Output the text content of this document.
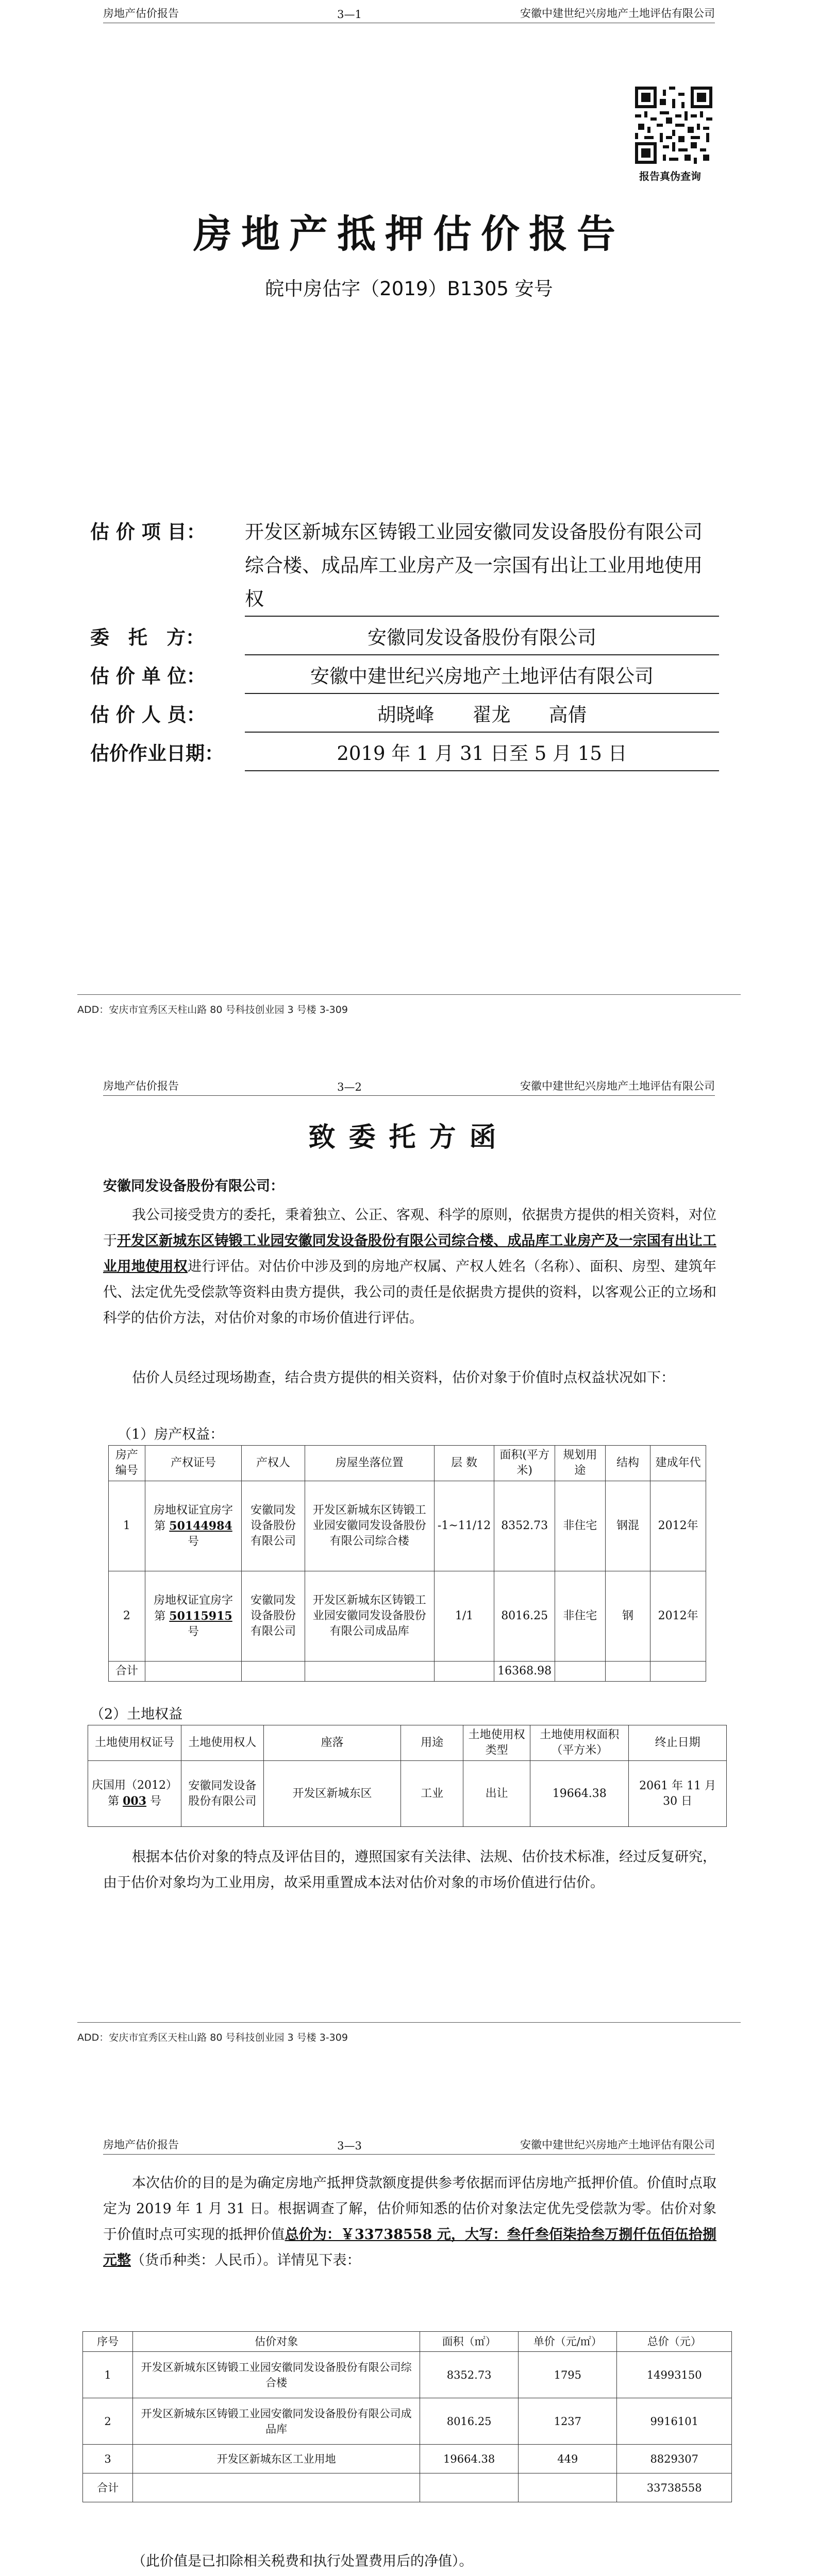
房地产估价报告	3—1	安徽中建世纪兴房地产土地评估有限公司
报告真伪查询
房地产抵押估价报告
皖中房估字（2019）B1305 安号
估 价 项 目：	开发区新城东区铸锻工业园安徽同发设备股份有限公司综合楼、成品库工业房产及一宗国有出让工业用地使用权
委　托　方：	安徽同发设备股份有限公司
估 价 单 位：	安徽中建世纪兴房地产土地评估有限公司
估 价 人 员：	胡晓峰　　翟龙　　高倩
估价作业日期：	2019 年 1 月 31 日至 5 月 15 日
ADD：安庆市宜秀区天柱山路 80 号科技创业园 3 号楼 3-309
房地产估价报告	3—2	安徽中建世纪兴房地产土地评估有限公司
致委托方函

安徽同发设备股份有限公司：

我公司接受贵方的委托，秉着独立、公正、客观、科学的原则，依据贵方提供的相关资料，对位于开发区新城东区铸锻工业园安徽同发设备股份有限公司综合楼、成品库工业房产及一宗国有出让工业用地使用权进行评估。对估价中涉及到的房地产权属、产权人姓名（名称）、面积、房型、建筑年代、法定优先受偿款等资料由贵方提供，我公司的责任是依据贵方提供的资料，以客观公正的立场和科学的估价方法，对估价对象的市场价值进行评估。

估价人员经过现场勘查，结合贵方提供的相关资料，估价对象于价值时点权益状况如下：

（1）房产权益：
房产编号	产权证号	产权人	房屋坐落位置	层 数	面积(平方米)	规划用途	结构	建成年代
1	房地权证宜房字第 50144984 号	安徽同发设备股份有限公司	开发区新城东区铸锻工业园安徽同发设备股份有限公司综合楼	-1~11/12	8352.73	非住宅	钢混	2012年
2	房地权证宜房字第 50115915 号	安徽同发设备股份有限公司	开发区新城东区铸锻工业园安徽同发设备股份有限公司成品库	1/1	8016.25	非住宅	钢	2012年
合计					16368.98			
（2）土地权益
土地使用权证号	土地使用权人	座落	用途	土地使用权类型	土地使用权面积（平方米）	终止日期
庆国用（2012）第 003 号	安徽同发设备股份有限公司	开发区新城东区	工业	出让	19664.38	2061 年 11 月 30 日

根据本估价对象的特点及评估目的，遵照国家有关法律、法规、估价技术标准，经过反复研究，由于估价对象均为工业用房，故采用重置成本法对估价对象的市场价值进行估价。

ADD：安庆市宜秀区天柱山路 80 号科技创业园 3 号楼 3-309
房地产估价报告	3—3	安徽中建世纪兴房地产土地评估有限公司

本次估价的目的是为确定房地产抵押贷款额度提供参考依据而评估房地产抵押价值。价值时点取定为 2019 年 1 月 31 日。根据调查了解，估价师知悉的估价对象法定优先受偿款为零。估价对象于价值时点可实现的抵押价值总价为：￥33738558 元，大写：叁仟叁佰柒拾叁万捌仟伍佰伍拾捌元整（货币种类：人民币）。详情见下表：

序号	估价对象	面积（㎡）	单价（元/㎡）	总价（元）
1	开发区新城东区铸锻工业园安徽同发设备股份有限公司综合楼	8352.73	1795	14993150
2	开发区新城东区铸锻工业园安徽同发设备股份有限公司成品库	8016.25	1237	9916101
3	开发区新城东区工业用地	19664.38	449	8829307
合计				33738558

（此价值是已扣除相关税费和执行处置费用后的净值）。
